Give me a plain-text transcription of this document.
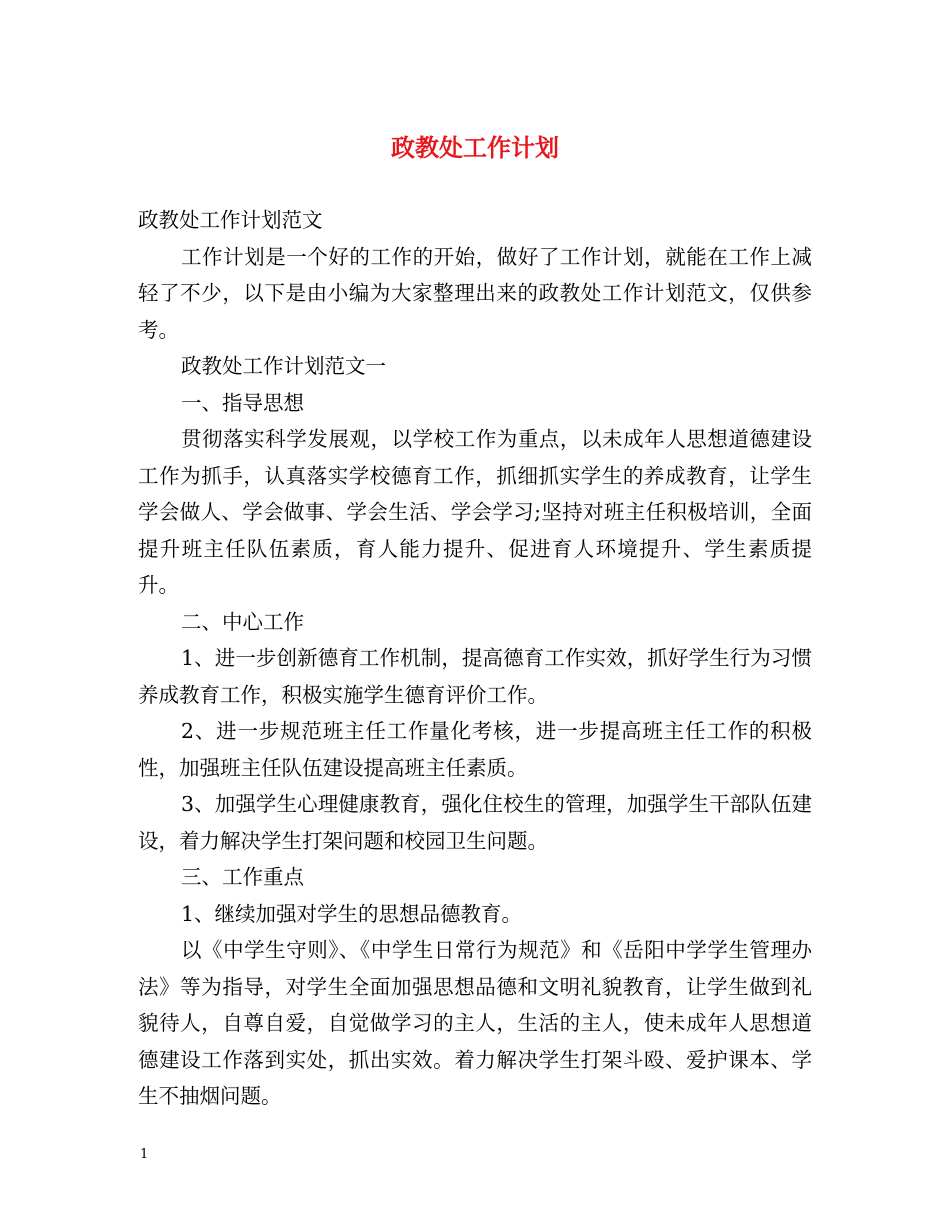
政教处工作计划

政教处工作计划范文

工作计划是一个好的工作的开始，做好了工作计划，就能在工作上减轻了不少，以下是由小编为大家整理出来的政教处工作计划范文，仅供参考。

政教处工作计划范文一

一、指导思想

贯彻落实科学发展观，以学校工作为重点，以未成年人思想道德建设工作为抓手，认真落实学校德育工作，抓细抓实学生的养成教育，让学生学会做人、学会做事、学会生活、学会学习;坚持对班主任积极培训，全面提升班主任队伍素质，育人能力提升、促进育人环境提升、学生素质提升。

二、中心工作

1、进一步创新德育工作机制，提高德育工作实效，抓好学生行为习惯养成教育工作，积极实施学生德育评价工作。

2、进一步规范班主任工作量化考核，进一步提高班主任工作的积极性，加强班主任队伍建设提高班主任素质。

3、加强学生心理健康教育，强化住校生的管理，加强学生干部队伍建设，着力解决学生打架问题和校园卫生问题。

三、工作重点

1、继续加强对学生的思想品德教育。

以《中学生守则》、《中学生日常行为规范》和《岳阳中学学生管理办法》等为指导，对学生全面加强思想品德和文明礼貌教育，让学生做到礼貌待人，自尊自爱，自觉做学习的主人，生活的主人，使未成年人思想道德建设工作落到实处，抓出实效。着力解决学生打架斗殴、爱护课本、学生不抽烟问题。

1
